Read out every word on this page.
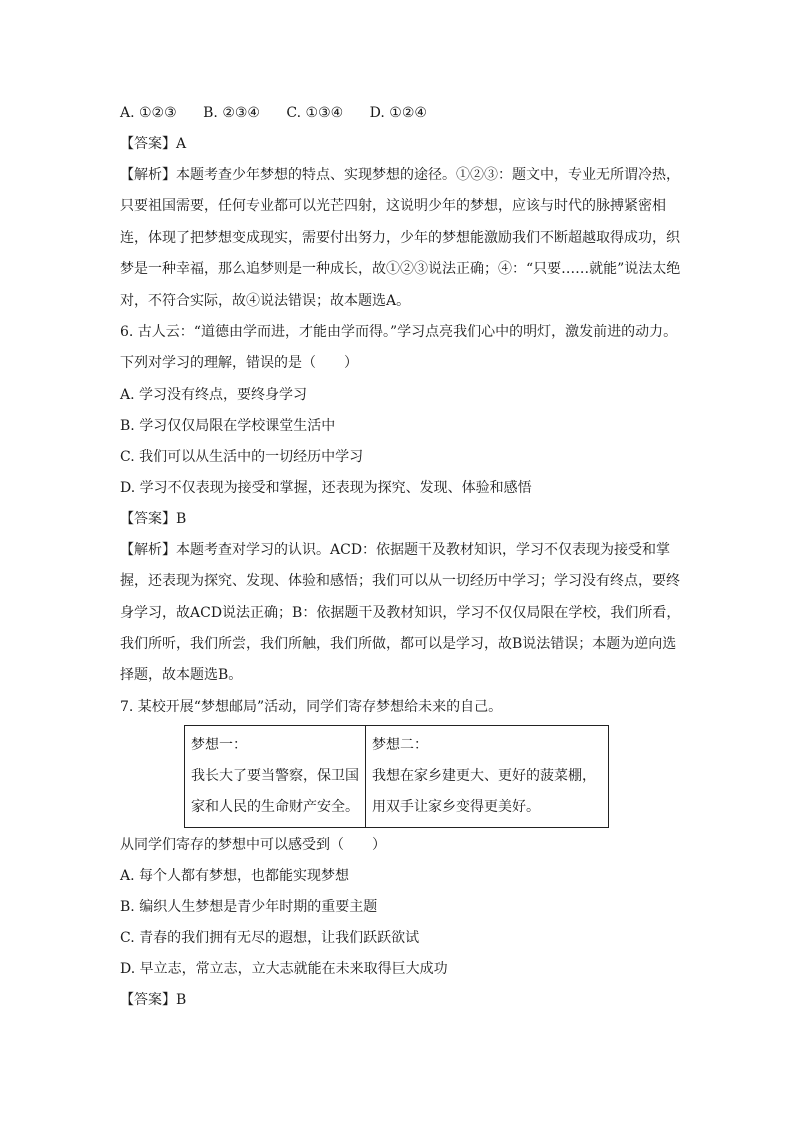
A. ①②③ B. ②③④ C. ①③④ D. ①②④
【答案】A
【解析】本题考查少年梦想的特点、实现梦想的途径。①②③：题文中，专业无所谓冷热，只要祖国需要，任何专业都可以光芒四射，这说明少年的梦想，应该与时代的脉搏紧密相连，体现了把梦想变成现实，需要付出努力，少年的梦想能激励我们不断超越取得成功，织梦是一种幸福，那么追梦则是一种成长，故①②③说法正确；④：“只要……就能”说法太绝对，不符合实际，故④说法错误；故本题选A。
6. 古人云：“道德由学而进，才能由学而得。”学习点亮我们心中的明灯，激发前进的动力。下列对学习的理解，错误的是（　　）
A. 学习没有终点，要终身学习
B. 学习仅仅局限在学校课堂生活中
C. 我们可以从生活中的一切经历中学习
D. 学习不仅表现为接受和掌握，还表现为探究、发现、体验和感悟
【答案】B
【解析】本题考查对学习的认识。ACD：依据题干及教材知识，学习不仅表现为接受和掌握，还表现为探究、发现、体验和感悟；我们可以从一切经历中学习；学习没有终点，要终身学习，故ACD说法正确；B：依据题干及教材知识，学习不仅仅局限在学校，我们所看，我们所听，我们所尝，我们所触，我们所做，都可以是学习，故B说法错误；本题为逆向选择题，故本题选B。
7. 某校开展“梦想邮局”活动，同学们寄存梦想给未来的自己。
梦想一：
我长大了要当警察，保卫国家和人民的生命财产安全。

梦想二：
我想在家乡建更大、更好的菠菜棚，用双手让家乡变得更美好。
从同学们寄存的梦想中可以感受到（　　）
A. 每个人都有梦想，也都能实现梦想
B. 编织人生梦想是青少年时期的重要主题
C. 青春的我们拥有无尽的遐想，让我们跃跃欲试
D. 早立志，常立志，立大志就能在未来取得巨大成功
【答案】B
